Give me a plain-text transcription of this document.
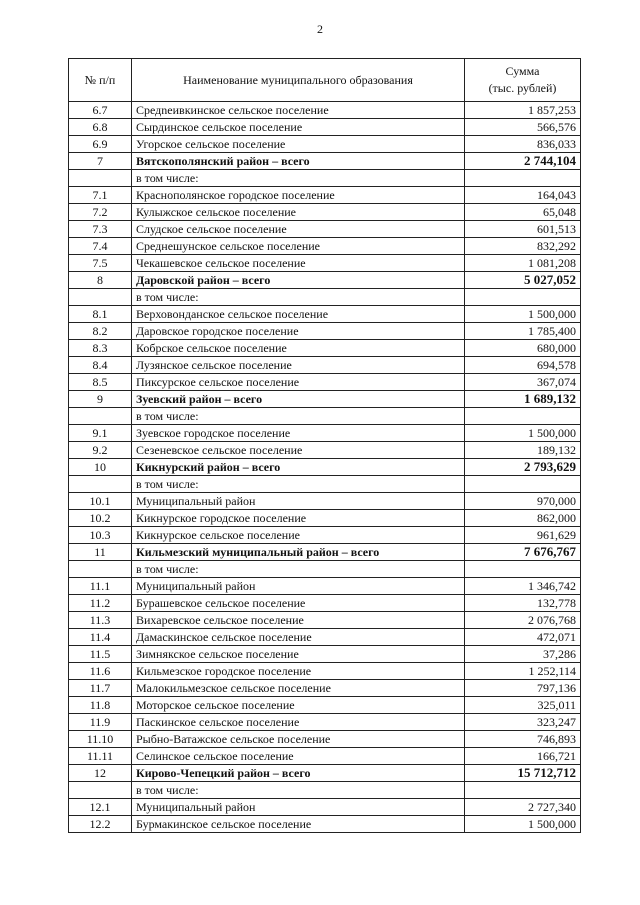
2
№ п/п	Наименование муниципального образования	Сумма
(тыс. рублей)

6.7	Средneивкинское сельское поселение	1 857,253
6.8	Сырдинское сельское поселение	566,576
6.9	Угорское сельское поселение	836,033
7	Вятскополянский район – всего	2 744,104
	в том числе:	
7.1	Краснополянское городское поселение	164,043
7.2	Кулыжское сельское поселение	65,048
7.3	Слудское сельское поселение	601,513
7.4	Среднешунское сельское поселение	832,292
7.5	Чекашевское сельское поселение	1 081,208
8	Даровской район – всего	5 027,052
	в том числе:	
8.1	Верховонданское сельское поселение	1 500,000
8.2	Даровское городское поселение	1 785,400
8.3	Кобрское сельское поселение	680,000
8.4	Лузянское сельское поселение	694,578
8.5	Пиксурское сельское поселение	367,074
9	Зуевский район – всего	1 689,132
	в том числе:	
9.1	Зуевское городское поселение	1 500,000
9.2	Сезеневское сельское поселение	189,132
10	Кикнурский район – всего	2 793,629
	в том числе:	
10.1	Муниципальный район	970,000
10.2	Кикнурское городское поселение	862,000
10.3	Кикнурское сельское поселение	961,629
11	Кильмезский муниципальный район – всего	7 676,767
	в том числе:	
11.1	Муниципальный район	1 346,742
11.2	Бурашевское сельское поселение	132,778
11.3	Вихаревское сельское поселение	2 076,768
11.4	Дамаскинское сельское поселение	472,071
11.5	Зимнякское сельское поселение	37,286
11.6	Кильмезское городское поселение	1 252,114
11.7	Малокильмезское сельское поселение	797,136
11.8	Моторское сельское поселение	325,011
11.9	Паскинское сельское поселение	323,247
11.10	Рыбно-Ватажское сельское поселение	746,893
11.11	Селинское сельское поселение	166,721
12	Кирово-Чепецкий район – всего	15 712,712
	в том числе:	
12.1	Муниципальный район	2 727,340
12.2	Бурмакинское сельское поселение	1 500,000
